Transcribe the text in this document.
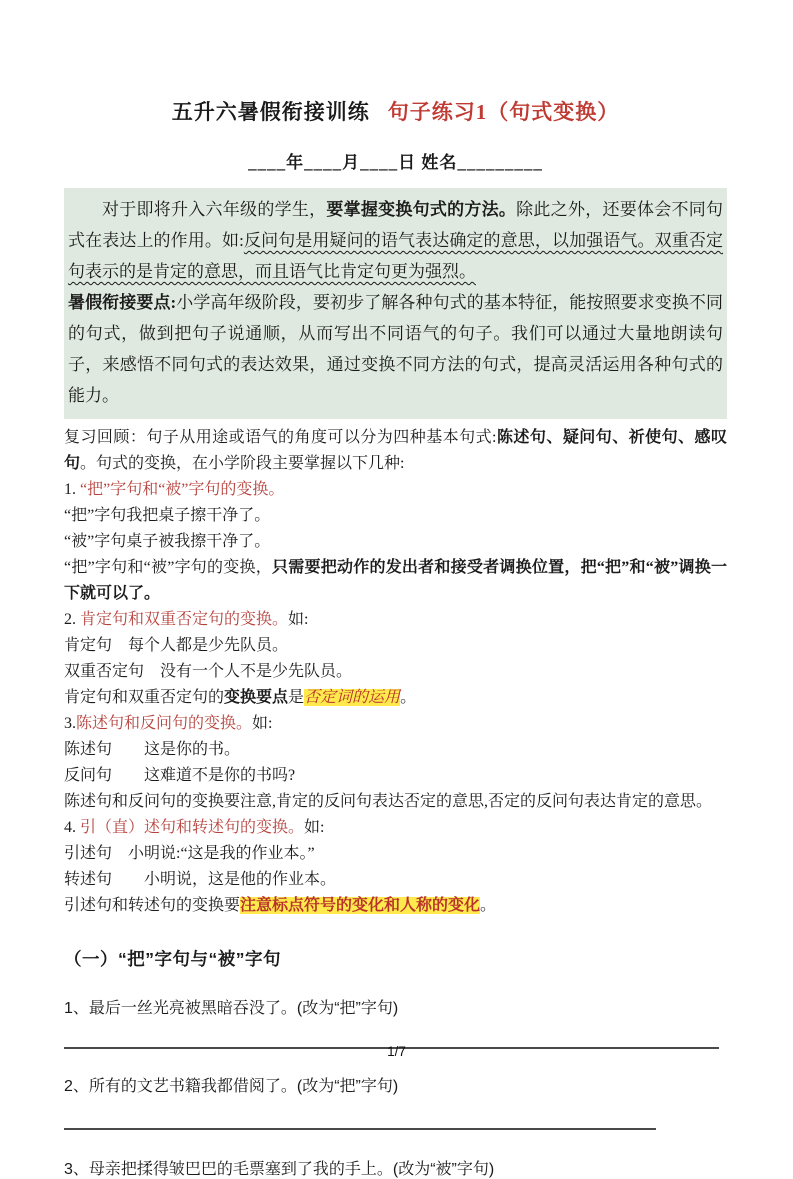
五升六暑假衔接训练 句子练习1（句式变换）
____年____月____日 姓名_________

对于即将升入六年级的学生，要掌握变换句式的方法。除此之外，还要体会不同句式在表达上的作用。如:反问句是用疑问的语气表达确定的意思，以加强语气。双重否定句表示的是肯定的意思，而且语气比肯定句更为强烈。

暑假衔接要点:小学高年级阶段，要初步了解各种句式的基本特征，能按照要求变换不同的句式，做到把句子说通顺，从而写出不同语气的句子。我们可以通过大量地朗读句子，来感悟不同句式的表达效果，通过变换不同方法的句式，提高灵活运用各种句式的能力。

复习回顾：句子从用途或语气的角度可以分为四种基本句式:陈述句、疑问句、祈使句、感叹句。句式的变换，在小学阶段主要掌握以下几种:

1. “把”字句和“被”字句的变换。

“把”字句我把桌子擦干净了。

“被”字句桌子被我擦干净了。

“把”字句和“被”字句的变换，只需要把动作的发出者和接受者调换位置，把“把”和“被”调换一下就可以了。

2. 肯定句和双重否定句的变换。如:

肯定句　每个人都是少先队员。

双重否定句　没有一个人不是少先队员。

肯定句和双重否定句的变换要点是否定词的运用。

3.陈述句和反问句的变换。如:

陈述句　　这是你的书。

反问句　　这难道不是你的书吗?

陈述句和反问句的变换要注意,肯定的反问句表达否定的意思,否定的反问句表达肯定的意思。

4. 引（直）述句和转述句的变换。如:

引述句　小明说:“这是我的作业本。”

转述句　　小明说，这是他的作业本。

引述句和转述句的变换要注意标点符号的变化和人称的变化。

（一）“把”字句与“被”字句

1、最后一丝光亮被黑暗吞没了。(改为“把”字句)

2、所有的文艺书籍我都借阅了。(改为“把”字句)

3、母亲把揉得皱巴巴的毛票塞到了我的手上。(改为“被”字句)

1/7
